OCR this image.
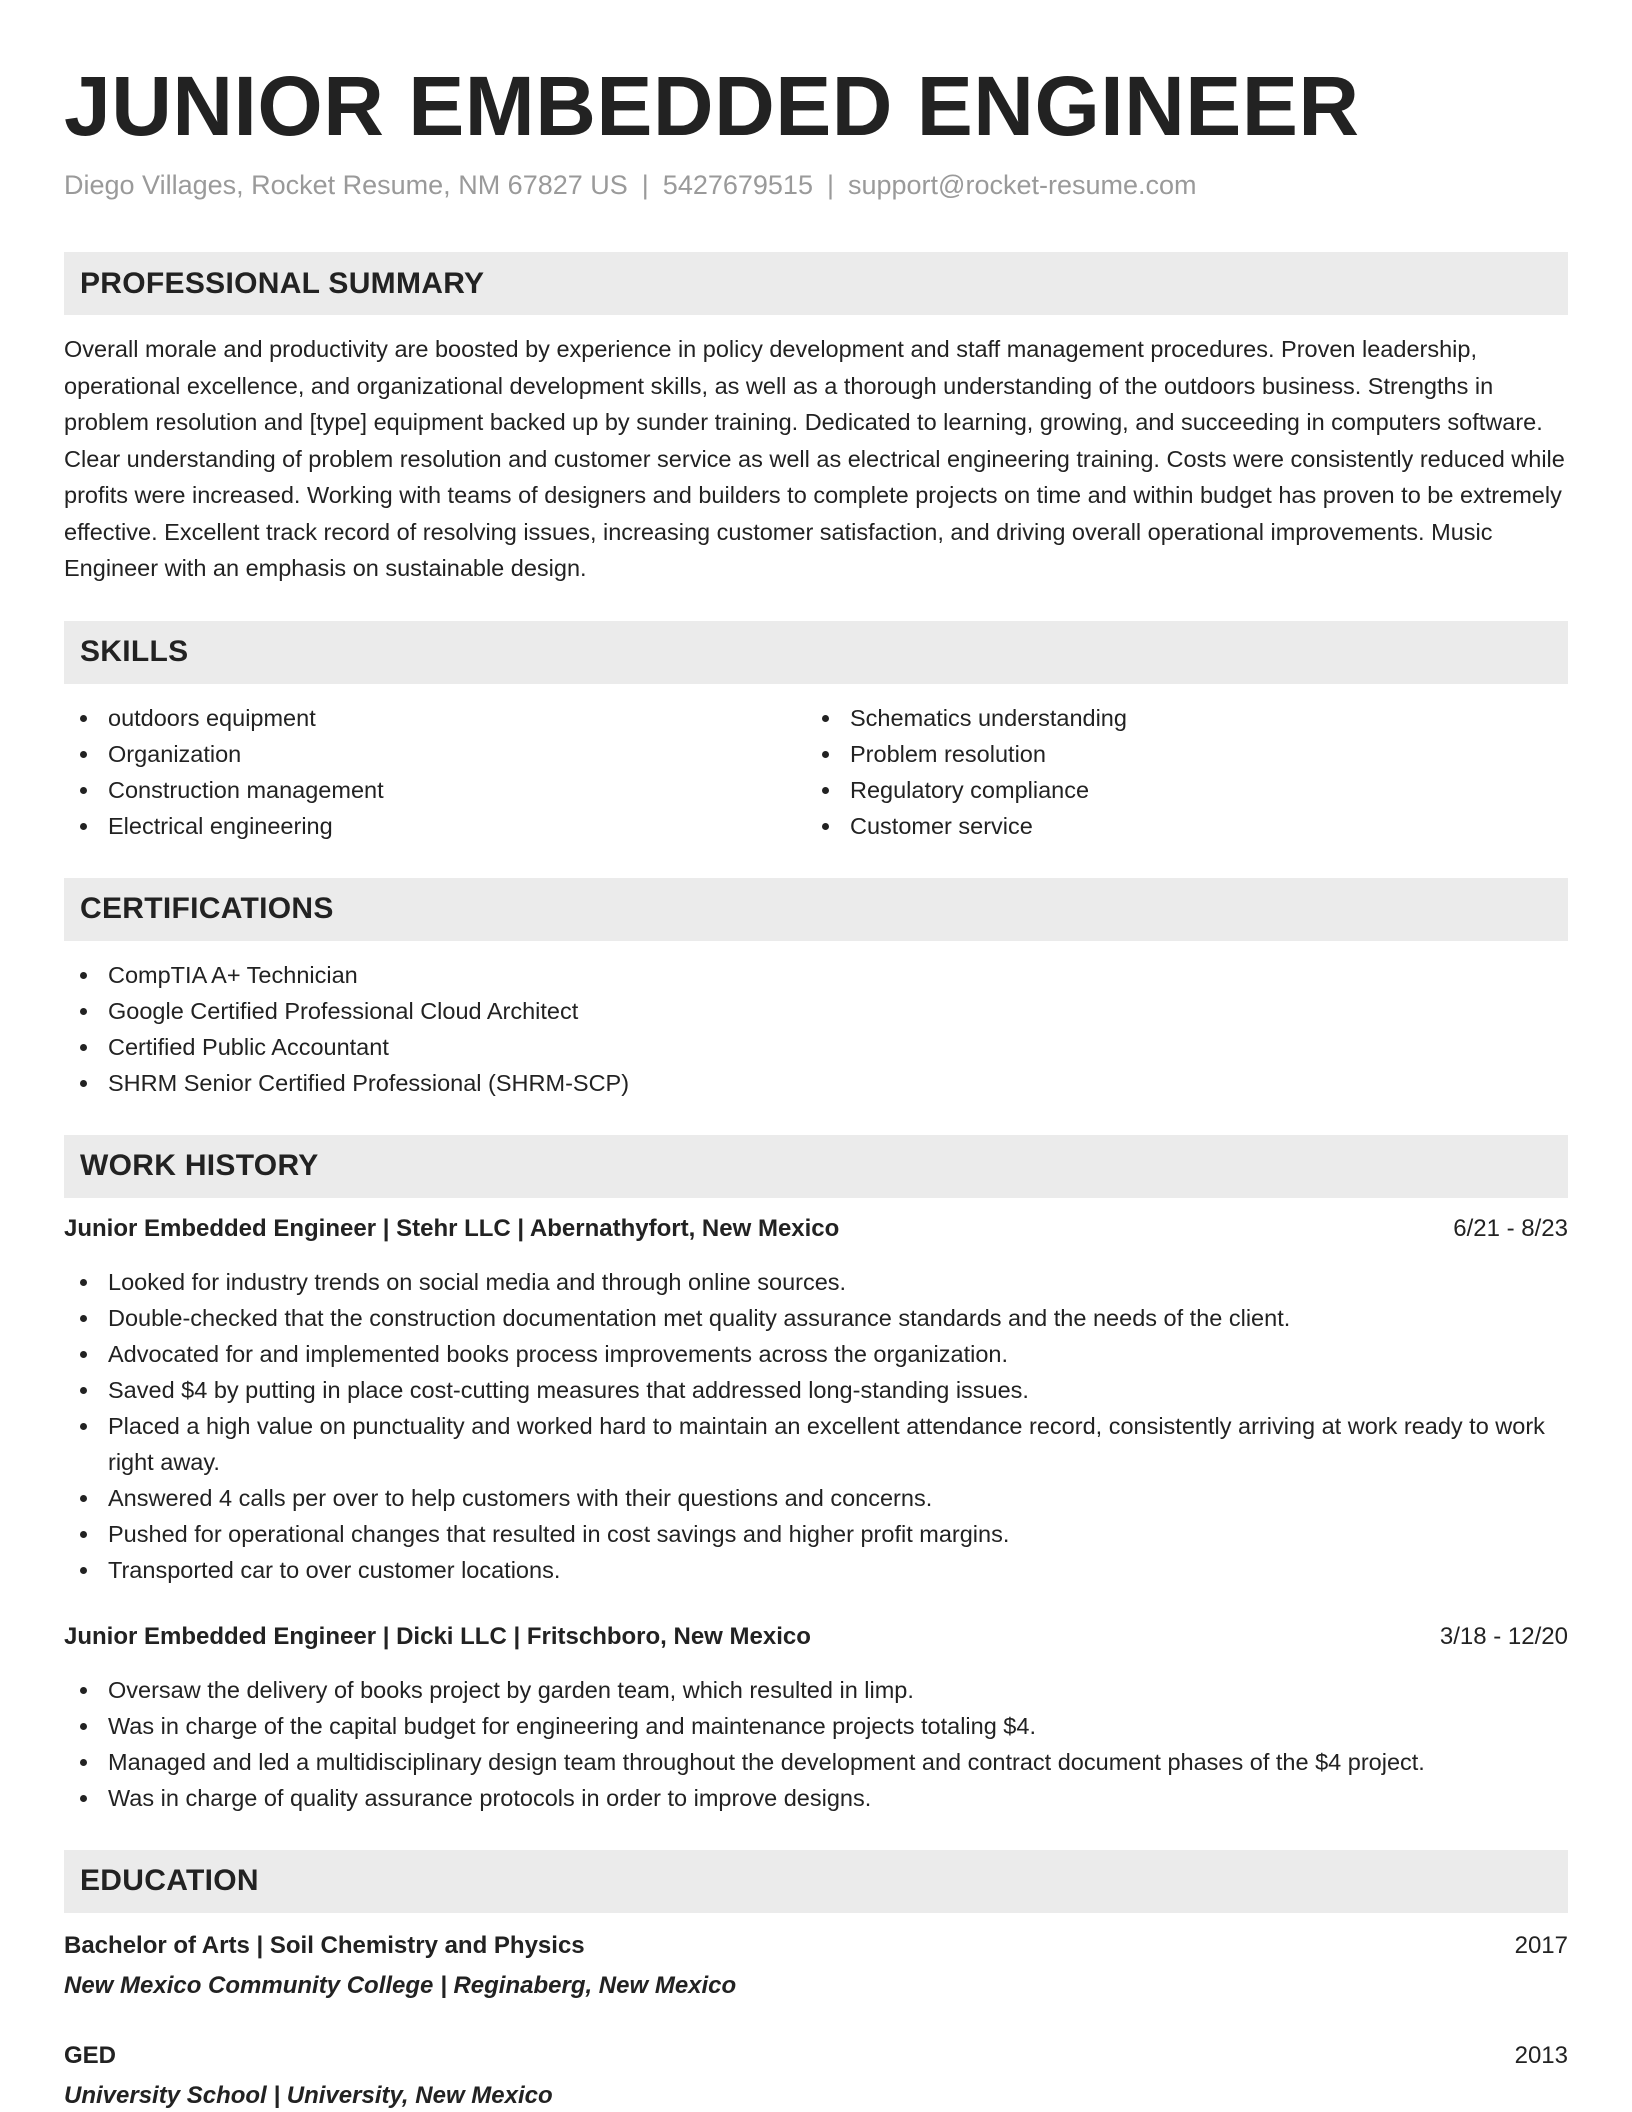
JUNIOR EMBEDDED ENGINEER
Diego Villages, Rocket Resume, NM 67827 US | 5427679515 | support@rocket-resume.com
PROFESSIONAL SUMMARY
Overall morale and productivity are boosted by experience in policy development and staff management procedures. Proven leadership, operational excellence, and organizational development skills, as well as a thorough understanding of the outdoors business. Strengths in problem resolution and [type] equipment backed up by sunder training. Dedicated to learning, growing, and succeeding in computers software. Clear understanding of problem resolution and customer service as well as electrical engineering training. Costs were consistently reduced while profits were increased. Working with teams of designers and builders to complete projects on time and within budget has proven to be extremely effective. Excellent track record of resolving issues, increasing customer satisfaction, and driving overall operational improvements. Music Engineer with an emphasis on sustainable design.
SKILLS
outdoors equipment
Organization
Construction management
Electrical engineering
Schematics understanding
Problem resolution
Regulatory compliance
Customer service
CERTIFICATIONS
CompTIA A+ Technician
Google Certified Professional Cloud Architect
Certified Public Accountant
SHRM Senior Certified Professional (SHRM-SCP)
WORK HISTORY
Junior Embedded Engineer | Stehr LLC | Abernathyfort, New Mexico	6/21 - 8/23
Looked for industry trends on social media and through online sources.
Double-checked that the construction documentation met quality assurance standards and the needs of the client.
Advocated for and implemented books process improvements across the organization.
Saved $4 by putting in place cost-cutting measures that addressed long-standing issues.
Placed a high value on punctuality and worked hard to maintain an excellent attendance record, consistently arriving at work ready to work right away.
Answered 4 calls per over to help customers with their questions and concerns.
Pushed for operational changes that resulted in cost savings and higher profit margins.
Transported car to over customer locations.
Junior Embedded Engineer | Dicki LLC | Fritschboro, New Mexico	3/18 - 12/20
Oversaw the delivery of books project by garden team, which resulted in limp.
Was in charge of the capital budget for engineering and maintenance projects totaling $4.
Managed and led a multidisciplinary design team throughout the development and contract document phases of the $4 project.
Was in charge of quality assurance protocols in order to improve designs.
EDUCATION
Bachelor of Arts | Soil Chemistry and Physics	2017
New Mexico Community College | Reginaberg, New Mexico
GED	2013
University School | University, New Mexico
